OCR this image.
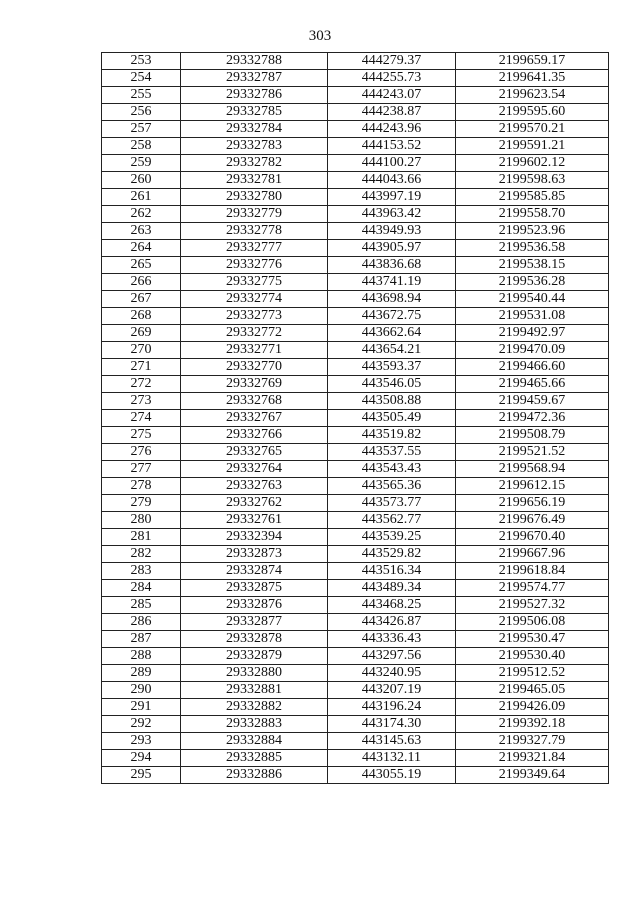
303
253	29332788	444279.37	2199659.17
254	29332787	444255.73	2199641.35
255	29332786	444243.07	2199623.54
256	29332785	444238.87	2199595.60
257	29332784	444243.96	2199570.21
258	29332783	444153.52	2199591.21
259	29332782	444100.27	2199602.12
260	29332781	444043.66	2199598.63
261	29332780	443997.19	2199585.85
262	29332779	443963.42	2199558.70
263	29332778	443949.93	2199523.96
264	29332777	443905.97	2199536.58
265	29332776	443836.68	2199538.15
266	29332775	443741.19	2199536.28
267	29332774	443698.94	2199540.44
268	29332773	443672.75	2199531.08
269	29332772	443662.64	2199492.97
270	29332771	443654.21	2199470.09
271	29332770	443593.37	2199466.60
272	29332769	443546.05	2199465.66
273	29332768	443508.88	2199459.67
274	29332767	443505.49	2199472.36
275	29332766	443519.82	2199508.79
276	29332765	443537.55	2199521.52
277	29332764	443543.43	2199568.94
278	29332763	443565.36	2199612.15
279	29332762	443573.77	2199656.19
280	29332761	443562.77	2199676.49
281	29332394	443539.25	2199670.40
282	29332873	443529.82	2199667.96
283	29332874	443516.34	2199618.84
284	29332875	443489.34	2199574.77
285	29332876	443468.25	2199527.32
286	29332877	443426.87	2199506.08
287	29332878	443336.43	2199530.47
288	29332879	443297.56	2199530.40
289	29332880	443240.95	2199512.52
290	29332881	443207.19	2199465.05
291	29332882	443196.24	2199426.09
292	29332883	443174.30	2199392.18
293	29332884	443145.63	2199327.79
294	29332885	443132.11	2199321.84
295	29332886	443055.19	2199349.64
